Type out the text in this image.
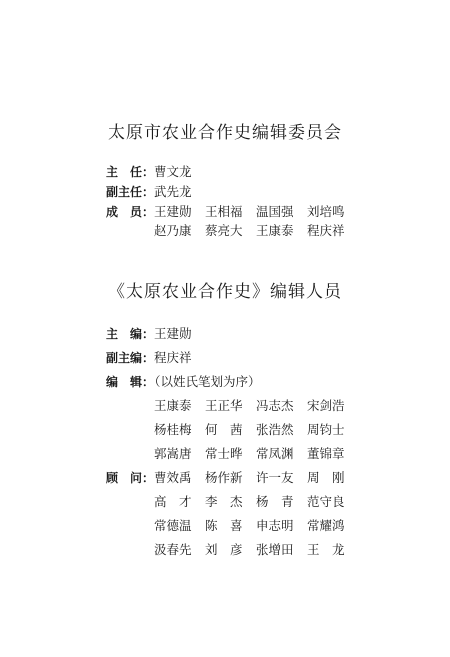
太原市农业合作史编辑委员会
主　任： 曹文龙
副主任： 武先龙
成　员： 王建勋 王相福 温国强 刘培鸣
赵乃康 蔡亮大 王康泰 程庆祥
《太原农业合作史》编辑人员
主　编： 王建勋
副主编： 程庆祥
编　辑：
（以姓氏笔划为序）
王康泰 王正华 冯志杰 宋剑浩
杨桂梅 何　茜 张浩然 周钧士
郭嵩唐 常士晔 常凤渊 董锦章
顾　问： 曹效禹 杨作新 许一友 周　刚
高　才 李　杰 杨　青 范守良
常德温 陈　喜 申志明 常耀鸿
汲春先 刘　彦 张增田 王　龙
